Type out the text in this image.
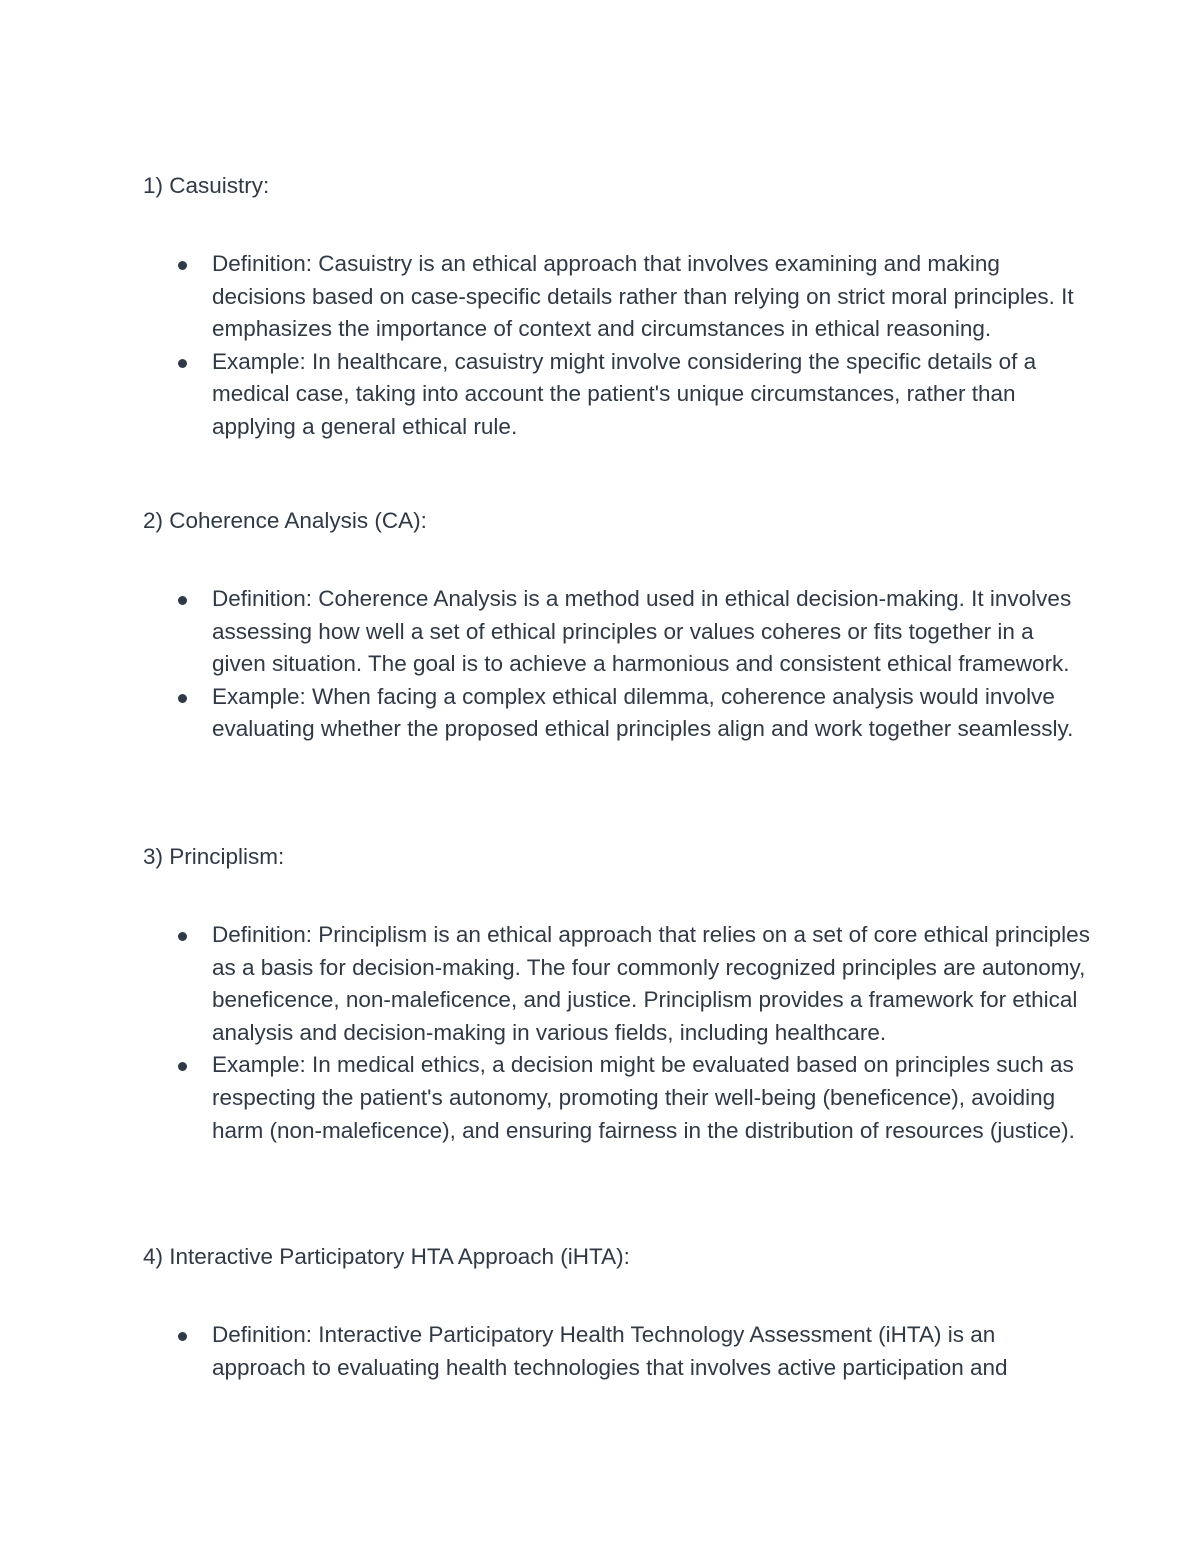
1) Casuistry:
Definition: Casuistry is an ethical approach that involves examining and making decisions based on case-specific details rather than relying on strict moral principles. It emphasizes the importance of context and circumstances in ethical reasoning.
Example: In healthcare, casuistry might involve considering the specific details of a medical case, taking into account the patient's unique circumstances, rather than applying a general ethical rule.
2) Coherence Analysis (CA):
Definition: Coherence Analysis is a method used in ethical decision-making. It involves assessing how well a set of ethical principles or values coheres or fits together in a given situation. The goal is to achieve a harmonious and consistent ethical framework.
Example: When facing a complex ethical dilemma, coherence analysis would involve evaluating whether the proposed ethical principles align and work together seamlessly.
3) Principlism:
Definition: Principlism is an ethical approach that relies on a set of core ethical principles as a basis for decision-making. The four commonly recognized principles are autonomy, beneficence, non-maleficence, and justice. Principlism provides a framework for ethical analysis and decision-making in various fields, including healthcare.
Example: In medical ethics, a decision might be evaluated based on principles such as respecting the patient's autonomy, promoting their well-being (beneficence), avoiding harm (non-maleficence), and ensuring fairness in the distribution of resources (justice).
4) Interactive Participatory HTA Approach (iHTA):
Definition: Interactive Participatory Health Technology Assessment (iHTA) is an approach to evaluating health technologies that involves active participation and
